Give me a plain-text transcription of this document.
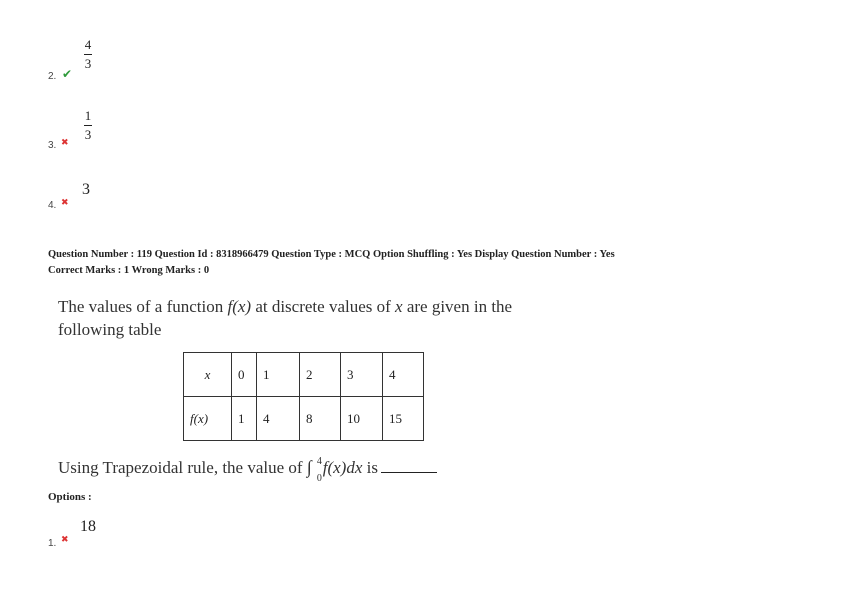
4
3
2. ✔
1
3
3. ✖
3
4. ✖
Question Number : 119 Question Id : 8318966479 Question Type : MCQ Option Shuffling : Yes Display Question Number : Yes
Correct Marks : 1 Wrong Marks : 0
The values of a function f(x) at discrete values of x are given in the
following table
x	0	1	2	3	4
f(x)	1	4	8	10	15
Using Trapezoidal rule, the value of ∫
0
4 f(x)dx is
Options :
18
1. ✖
